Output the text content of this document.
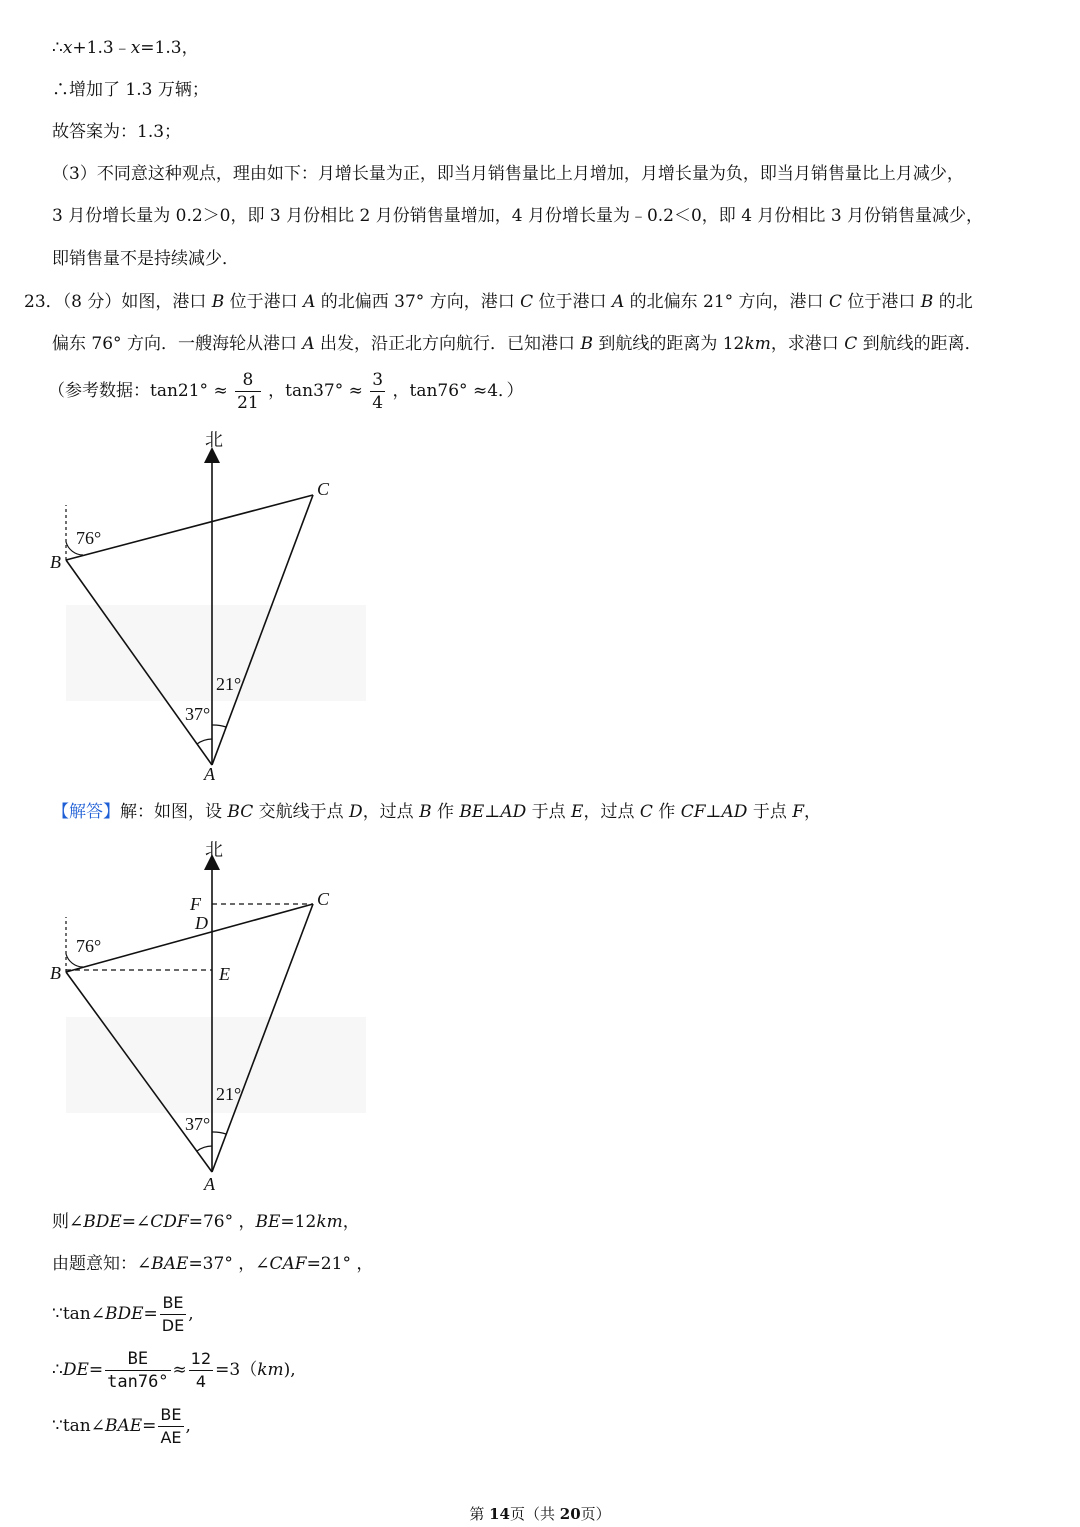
∴x+1.3﹣x=1.3，
∴增加了 1.3 万辆；
故答案为：1.3；
（3）不同意这种观点，理由如下：月增长量为正，即当月销售量比上月增加，月增长量为负，即当月销售量比上月减少，
3 月份增长量为 0.2＞0，即 3 月份相比 2 月份销售量增加，4 月份增长量为﹣0.2＜0，即 4 月份相比 3 月份销售量减少，
即销售量不是持续减少．
23．（8 分）如图，港口 B 位于港口 A 的北偏西 37° 方向，港口 C 位于港口 A 的北偏东 21° 方向，港口 C 位于港口 B 的北
偏东 76° 方向．一艘海轮从港口 A 出发，沿正北方向航行．已知港口 B 到航线的距离为 12km，求港口 C 到航线的距离．
（参考数据：$\tan 21^\circ \approx \frac{8}{21}$ ，$\tan 37^\circ \approx \frac{3}{4}$ ，tan76° ≈4．）
北
C
B
A
76°
21°
37°
【解答】解：如图，设 BC 交航线于点 D，过点 B 作 BE⊥AD 于点 E，过点 C 作 CF⊥AD 于点 F，
北
F
D
C
B	E
A
76°
21°
37°
则∠BDE=∠CDF=76° ，BE=12km，
由题意知：∠BAE=37° ，∠CAF=21° ，
∵tan∠BDE= $\frac{BE}{DE}$ ,
∴DE= $\frac{BE}{\tan 76^\circ} \approx \frac{12}{4} =3(km)$,
∵tan∠BAE= $\frac{BE}{AE}$ ,
第 14页（共 20页）
